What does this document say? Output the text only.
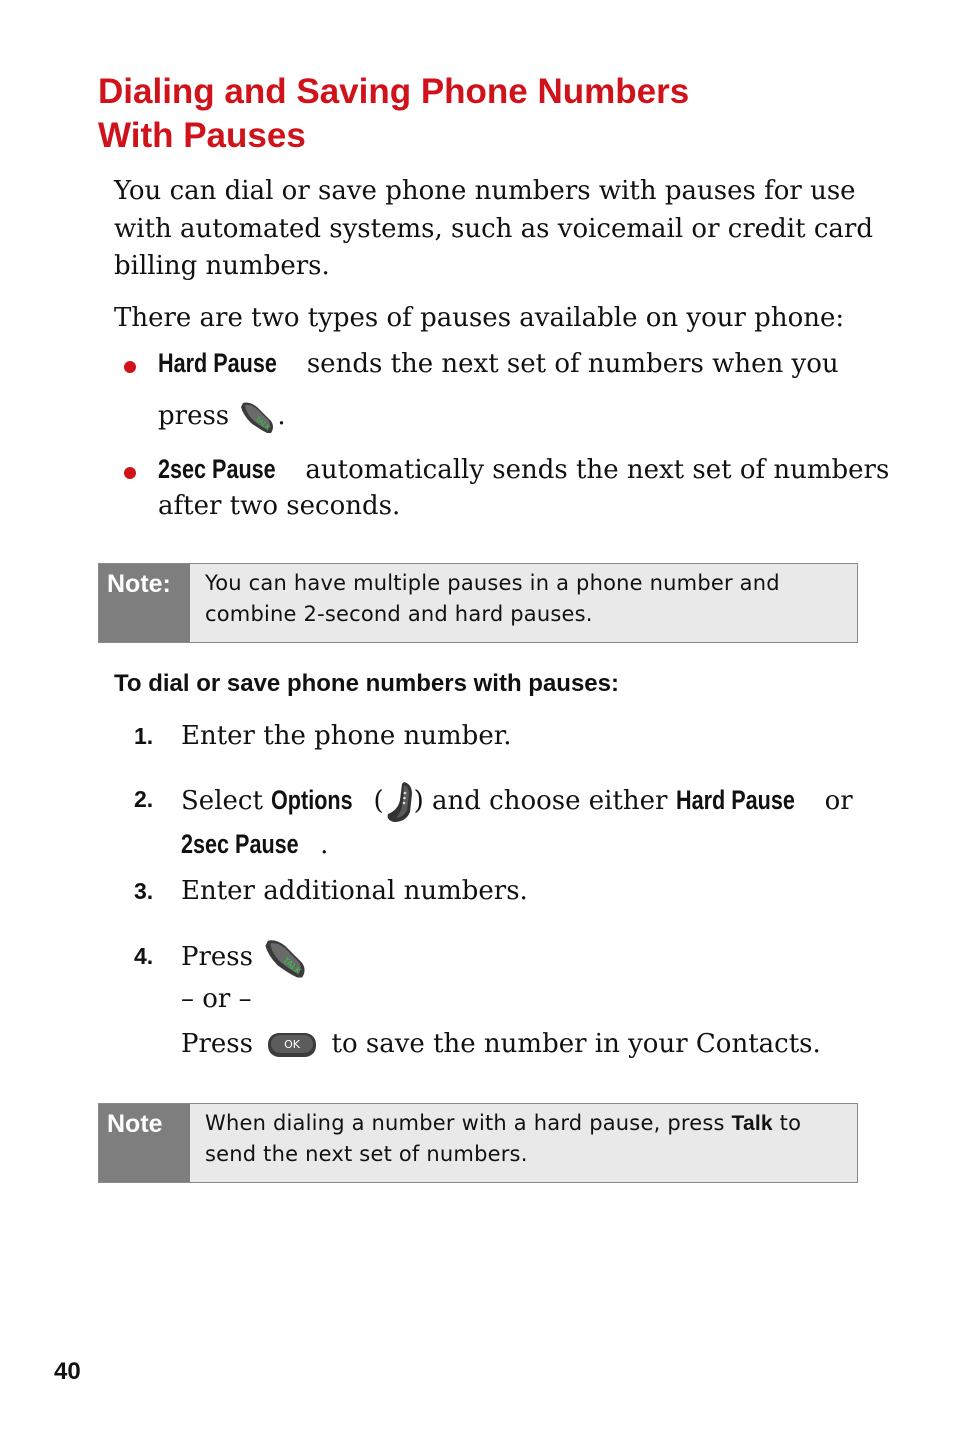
Dialing and Saving Phone Numbers
With Pauses

You can dial or save phone numbers with pauses for use
with automated systems, such as voicemail or credit card
billing numbers.

There are two types of pauses available on your phone:

Hard Pause sends the next set of numbers when you

press	TALK .

2sec Pause automatically sends the next set of numbers

after two seconds.

Note:	You can have multiple pauses in a phone number and
combine 2-second and hard pauses.
To dial or save phone numbers with pauses:
1. Enter the phone number.

2. Select Options ( ) and choose either Hard Pause or

2sec Pause .

3. Enter additional numbers.

4. Press	TALK

– or –

Press	OK to save the number in your Contacts.

Note	When dialing a number with a hard pause, press Talk to
send the next set of numbers.
40
